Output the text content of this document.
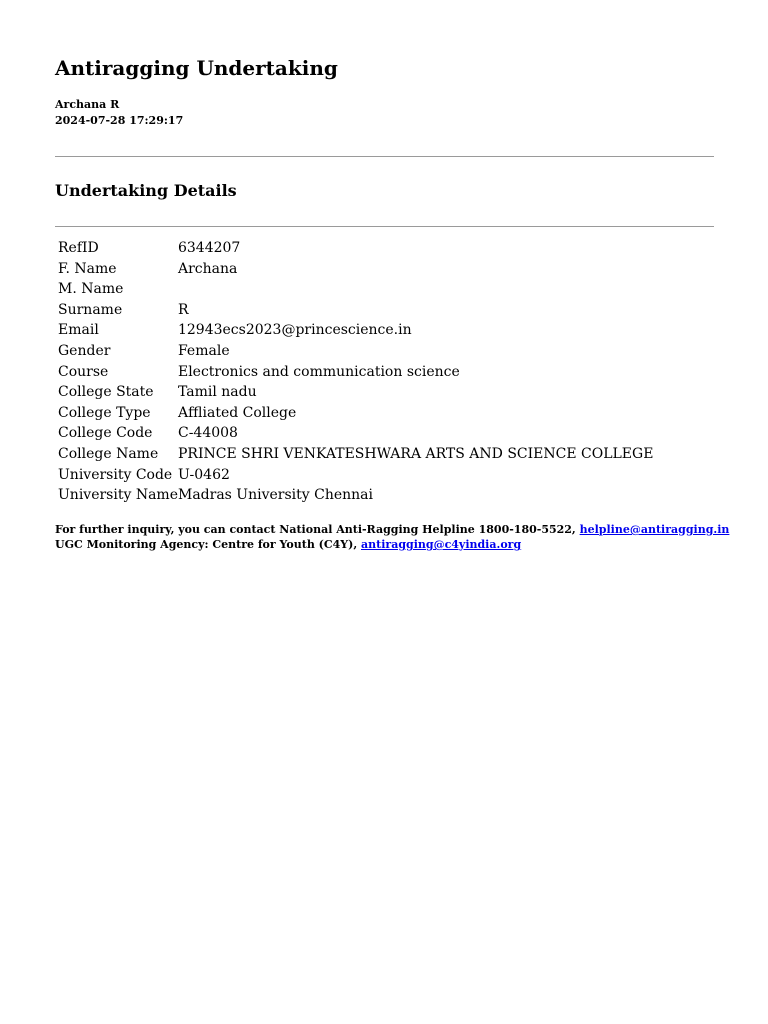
Antiragging Undertaking
Archana R
2024-07-28 17:29:17
Undertaking Details
RefID	6344207
F. Name	Archana
M. Name	
Surname	R
Email	12943ecs2023@princescience.in
Gender	Female
Course	Electronics and communication science
College State	Tamil nadu
College Type	Affliated College
College Code	C-44008
College Name	PRINCE SHRI VENKATESHWARA ARTS AND SCIENCE COLLEGE
University Code	U-0462
University Name	Madras University Chennai
For further inquiry, you can contact National Anti-Ragging Helpline 1800-180-5522, helpline@antiragging.in
UGC Monitoring Agency: Centre for Youth (C4Y), antiragging@c4yindia.org
